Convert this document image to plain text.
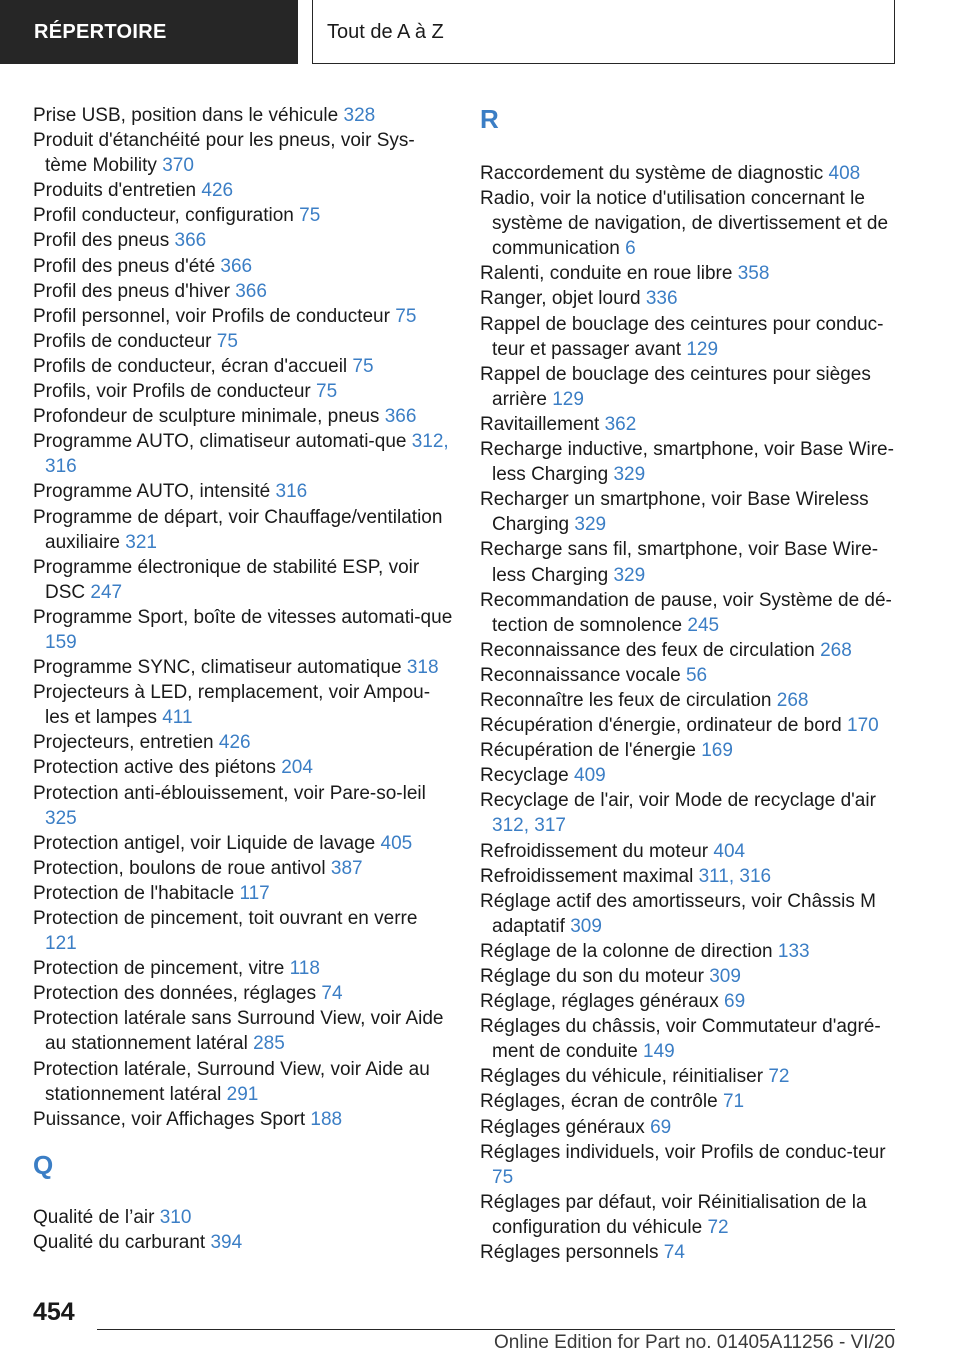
RÉPERTOIRE	Tout de A à Z
Prise USB, position dans le véhicule 328
Produit d'étanchéité pour les pneus, voir Sys‐tème Mobility 370
Produits d'entretien 426
Profil conducteur, configuration 75
Profil des pneus 366
Profil des pneus d'été 366
Profil des pneus d'hiver 366
Profil personnel, voir Profils de conducteur 75
Profils de conducteur 75
Profils de conducteur, écran d'accueil 75
Profils, voir Profils de conducteur 75
Profondeur de sculpture minimale, pneus 366
Programme AUTO, climatiseur automati‐que 312, 316
Programme AUTO, intensité 316
Programme de départ, voir Chauffage/ventilation auxiliaire 321
Programme électronique de stabilité ESP, voir DSC 247
Programme Sport, boîte de vitesses automati‐que 159
Programme SYNC, climatiseur automatique 318
Projecteurs à LED, remplacement, voir Ampou‐les et lampes 411
Projecteurs, entretien 426
Protection active des piétons 204
Protection anti-éblouissement, voir Pare-so‐leil 325
Protection antigel, voir Liquide de lavage 405
Protection, boulons de roue antivol 387
Protection de l'habitacle 117
Protection de pincement, toit ouvrant en verre 121
Protection de pincement, vitre 118
Protection des données, réglages 74
Protection latérale sans Surround View, voir Aide au stationnement latéral 285
Protection latérale, Surround View, voir Aide au stationnement latéral 291
Puissance, voir Affichages Sport 188
Q
Qualité de l’air 310
Qualité du carburant 394
R
Raccordement du système de diagnostic 408
Radio, voir la notice d'utilisation concernant le système de navigation, de divertissement et de communication 6
Ralenti, conduite en roue libre 358
Ranger, objet lourd 336
Rappel de bouclage des ceintures pour conduc‐teur et passager avant 129
Rappel de bouclage des ceintures pour sièges arrière 129
Ravitaillement 362
Recharge inductive, smartphone, voir Base Wire‐less Charging 329
Recharger un smartphone, voir Base Wireless Charging 329
Recharge sans fil, smartphone, voir Base Wire‐less Charging 329
Recommandation de pause, voir Système de dé‐tection de somnolence 245
Reconnaissance des feux de circulation 268
Reconnaissance vocale 56
Reconnaître les feux de circulation 268
Récupération d'énergie, ordinateur de bord 170
Récupération de l'énergie 169
Recyclage 409
Recyclage de l'air, voir Mode de recyclage d'air 312, 317
Refroidissement du moteur 404
Refroidissement maximal 311, 316
Réglage actif des amortisseurs, voir Châssis M adaptatif 309
Réglage de la colonne de direction 133
Réglage du son du moteur 309
Réglage, réglages généraux 69
Réglages du châssis, voir Commutateur d'agré‐ment de conduite 149
Réglages du véhicule, réinitialiser 72
Réglages, écran de contrôle 71
Réglages généraux 69
Réglages individuels, voir Profils de conduc‐teur 75
Réglages par défaut, voir Réinitialisation de la configuration du véhicule 72
Réglages personnels 74
454
Online Edition for Part no. 01405A11256 - VI/20
